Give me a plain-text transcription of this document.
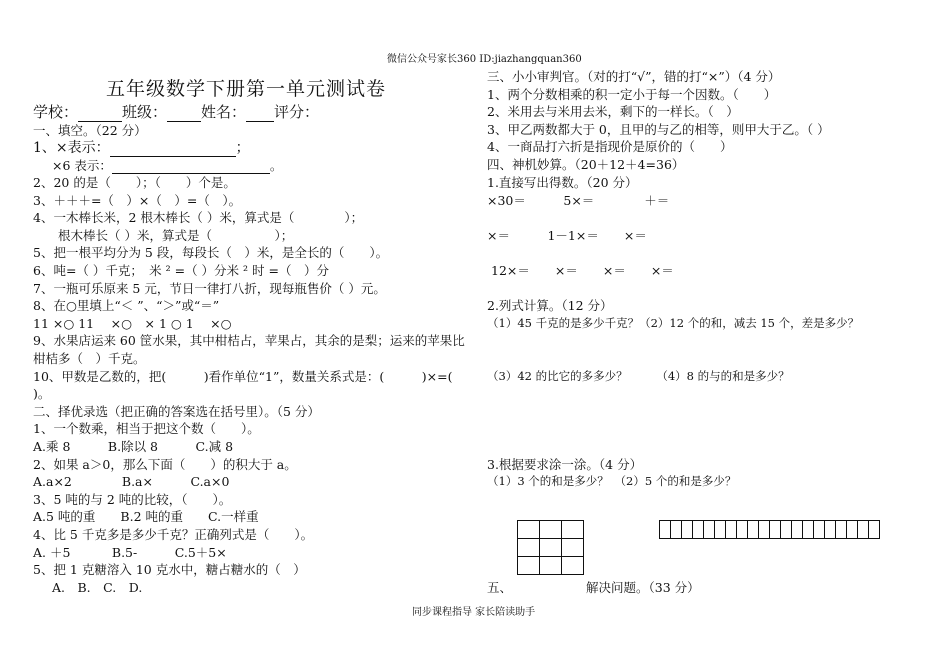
微信公众号家长360 ID:jiazhangquan360
同步课程指导 家长陪读助手
五年级数学下册第一单元测试卷
学校：	班级： 姓名： 评分：
一、填空。（22 分）
1、×表示：	；
×6 表示：	。
2、20 的是（　　）；（　　）个是。
3、＋＋＋=（　）×（　）=（　）。
4、一木棒长米，2 根木棒长（ ）米，算式是（　　　　）；
根木棒长（ ）米，算式是（　　　　　）；
5、把一根平均分为 5 段，每段长（　）米，是全长的（　　）。
6、吨=（ ）千克；　米 ² =（ ）分米 ² 时 =（　）分
7、一瓶可乐原来 5 元，节日一律打八折，现每瓶售价（ ）元。
8、在○里填上“＜ ”、“＞”或“＝”
11 ×○ 11　 ×○　× 1 ○ 1　 ×○
9、水果店运来 60 筐水果，其中柑桔占，苹果占，其余的是梨；运来的苹果比
柑桔多（　）千克。
10、甲数是乙数的，把(　　　)看作单位“1”，数量关系式是：(　　　)×=(
)。
二、择优录选（把正确的答案选在括号里）。（5 分）
1、一个数乘，相当于把这个数（　　）。
A.乘 8　　　B.除以 8　　　C.减 8
2、如果 a＞0，那么下面（　　）的积大于 a。
A.a×2　　　　B.a×　　　C.a×0
3、5 吨的与 2 吨的比较，（　　）。
A.5 吨的重　　B.2 吨的重　　C.一样重
4、比 5 千克多是多少千克？正确列式是（　　）。
A. ＋5　　　 B.5-　　　C.5＋5×
5、把 1 克糖溶入 10 克水中，糖占糖水的（　）
A.　B.　C.　D.
三、小小审判官。（对的打“√”，错的打“×”）（4 分）
1、两个分数相乘的积一定小于每一个因数。（　　）
2、米用去与米用去米，剩下的一样长。（　）
3、甲乙两数都大于 0，且甲的与乙的相等，则甲大于乙。（ ）
4、一商品打六折是指现价是原价的（　　）
四、神机妙算。（20＋12＋4=36）
1.直接写出得数。（20 分）
×30＝　　　5×＝　　　　＋＝
×＝　　　1－1×＝　　×＝
12×＝　　×＝　　×＝　　×＝
2.列式计算。（12 分）
（1）45 千克的是多少千克？（2）12 个的和，减去 15 个，差是多少？
（3）42 的比它的多多少？　　　（4）8 的与的和是多少？
3.根据要求涂一涂。（4 分）
（1）3 个的和是多少？　（2）5 个的和是多少？

五、	解决问题。（33 分）
